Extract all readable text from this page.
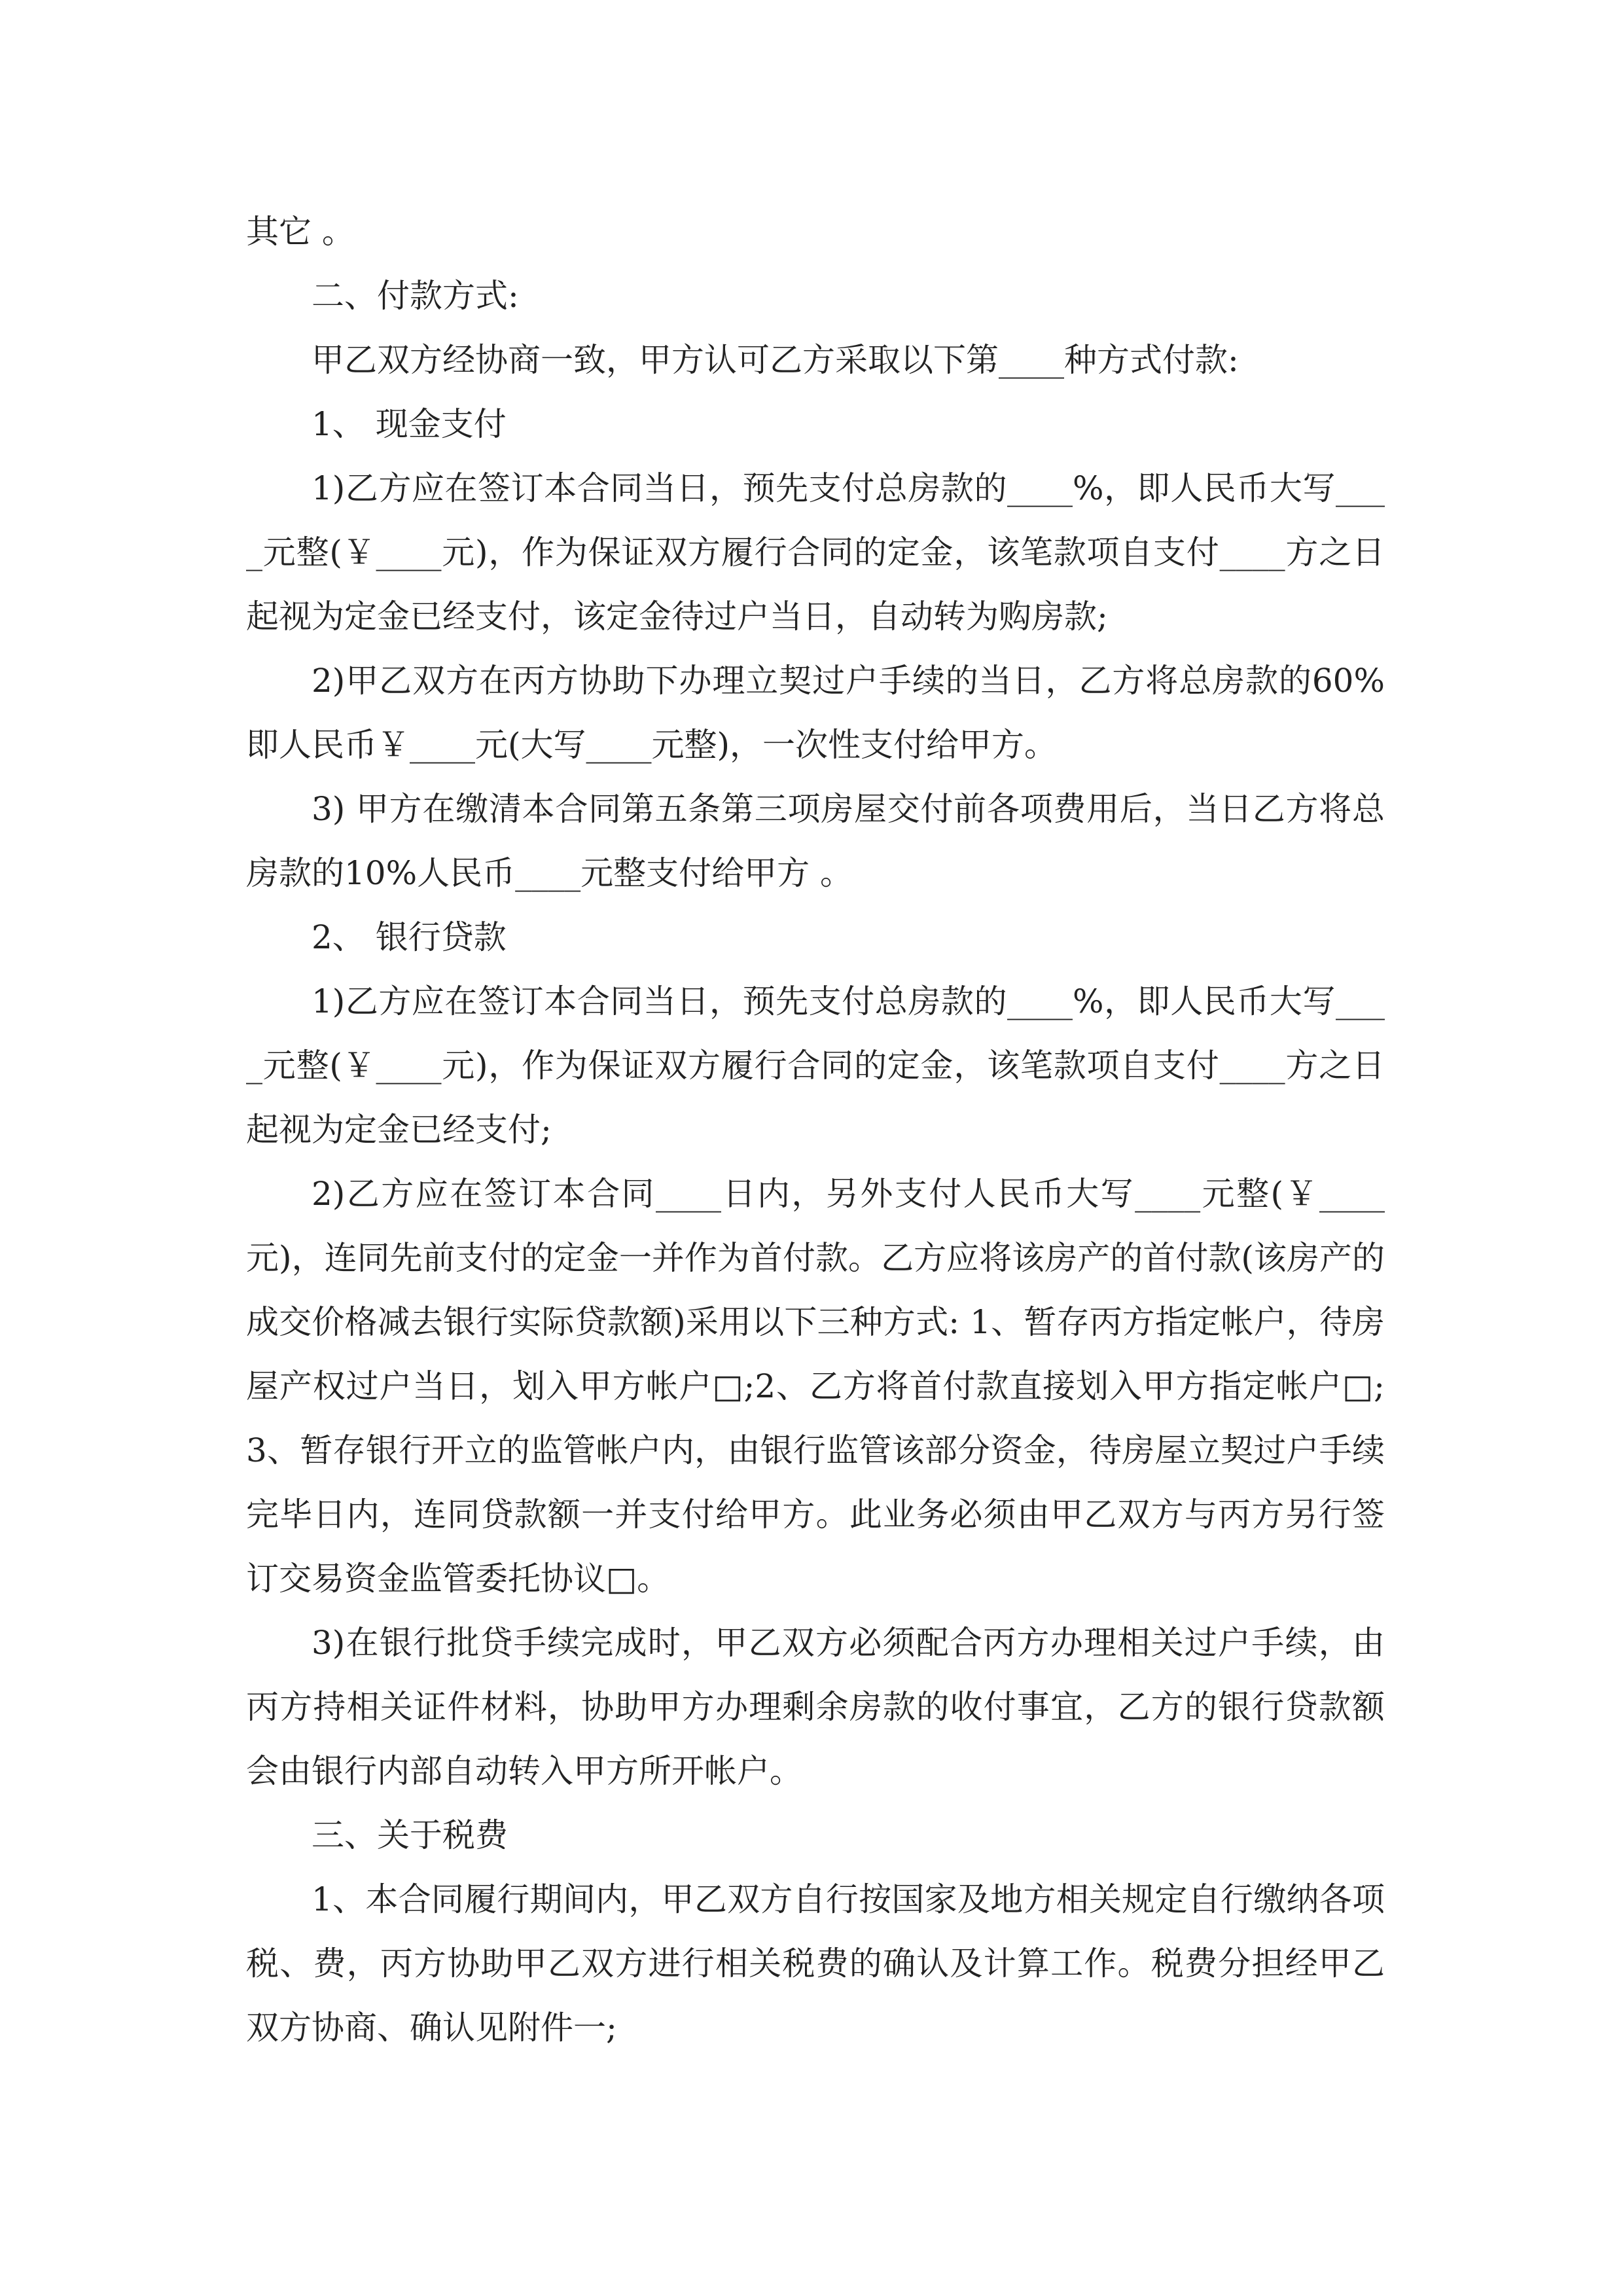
其它 。

二、付款方式:

甲乙双方经协商一致，甲方认可乙方采取以下第____种方式付款:

1、 现金支付

1)乙方应在签订本合同当日，预先支付总房款的____%，即人民币大写____元整(￥____元)，作为保证双方履行合同的定金，该笔款项自支付____方之日起视为定金已经支付，该定金待过户当日，自动转为购房款;

2)甲乙双方在丙方协助下办理立契过户手续的当日，乙方将总房款的60%即人民币￥____元(大写____元整)，一次性支付给甲方。

3) 甲方在缴清本合同第五条第三项房屋交付前各项费用后，当日乙方将总房款的10%人民币____元整支付给甲方 。

2、 银行贷款

1)乙方应在签订本合同当日，预先支付总房款的____%，即人民币大写____元整(￥____元)，作为保证双方履行合同的定金，该笔款项自支付____方之日起视为定金已经支付;

2)乙方应在签订本合同____日内，另外支付人民币大写____元整(￥____元)，连同先前支付的定金一并作为首付款。乙方应将该房产的首付款(该房产的成交价格减去银行实际贷款额)采用以下三种方式: 1、暂存丙方指定帐户，待房屋产权过户当日，划入甲方帐户□;2、乙方将首付款直接划入甲方指定帐户□;3、暂存银行开立的监管帐户内，由银行监管该部分资金，待房屋立契过户手续完毕日内，连同贷款额一并支付给甲方。此业务必须由甲乙双方与丙方另行签订交易资金监管委托协议□。

3)在银行批贷手续完成时，甲乙双方必须配合丙方办理相关过户手续，由丙方持相关证件材料，协助甲方办理剩余房款的收付事宜，乙方的银行贷款额会由银行内部自动转入甲方所开帐户。

三、关于税费

1、本合同履行期间内，甲乙双方自行按国家及地方相关规定自行缴纳各项税、费，丙方协助甲乙双方进行相关税费的确认及计算工作。税费分担经甲乙双方协商、确认见附件一;
